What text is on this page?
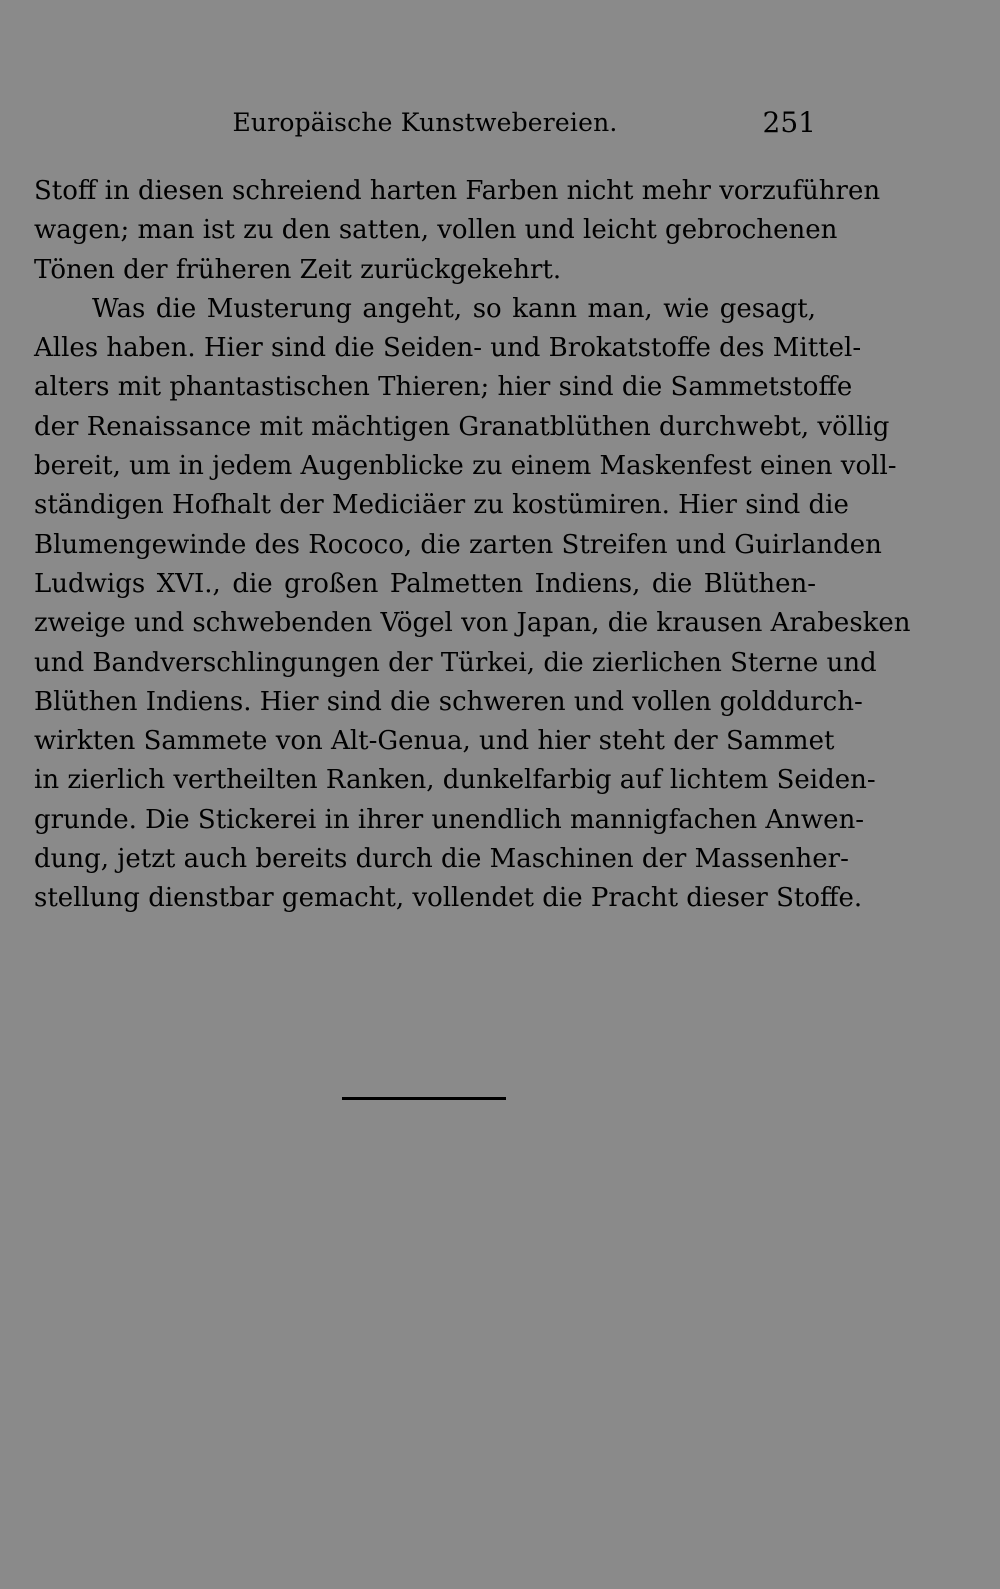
Europäische Kunstwebereien.	251
Stoff in diesen schreiend harten Farben nicht mehr vorzuführen
wagen; man ist zu den satten, vollen und leicht gebrochenen
Tönen der früheren Zeit zurückgekehrt.
Was die Musterung angeht, so kann man, wie gesagt,
Alles haben. Hier sind die Seiden- und Brokatstoffe des Mittel-
alters mit phantastischen Thieren; hier sind die Sammetstoffe
der Renaissance mit mächtigen Granatblüthen durchwebt, völlig
bereit, um in jedem Augenblicke zu einem Maskenfest einen voll-
ständigen Hofhalt der Mediciäer zu kostümiren. Hier sind die
Blumengewinde des Rococo, die zarten Streifen und Guirlanden
Ludwigs XVI., die großen Palmetten Indiens, die Blüthen-
zweige und schwebenden Vögel von Japan, die krausen Arabesken
und Bandverschlingungen der Türkei, die zierlichen Sterne und
Blüthen Indiens. Hier sind die schweren und vollen golddurch-
wirkten Sammete von Alt-Genua, und hier steht der Sammet
in zierlich vertheilten Ranken, dunkelfarbig auf lichtem Seiden-
grunde. Die Stickerei in ihrer unendlich mannigfachen Anwen-
dung, jetzt auch bereits durch die Maschinen der Massenher-
stellung dienstbar gemacht, vollendet die Pracht dieser Stoffe.
